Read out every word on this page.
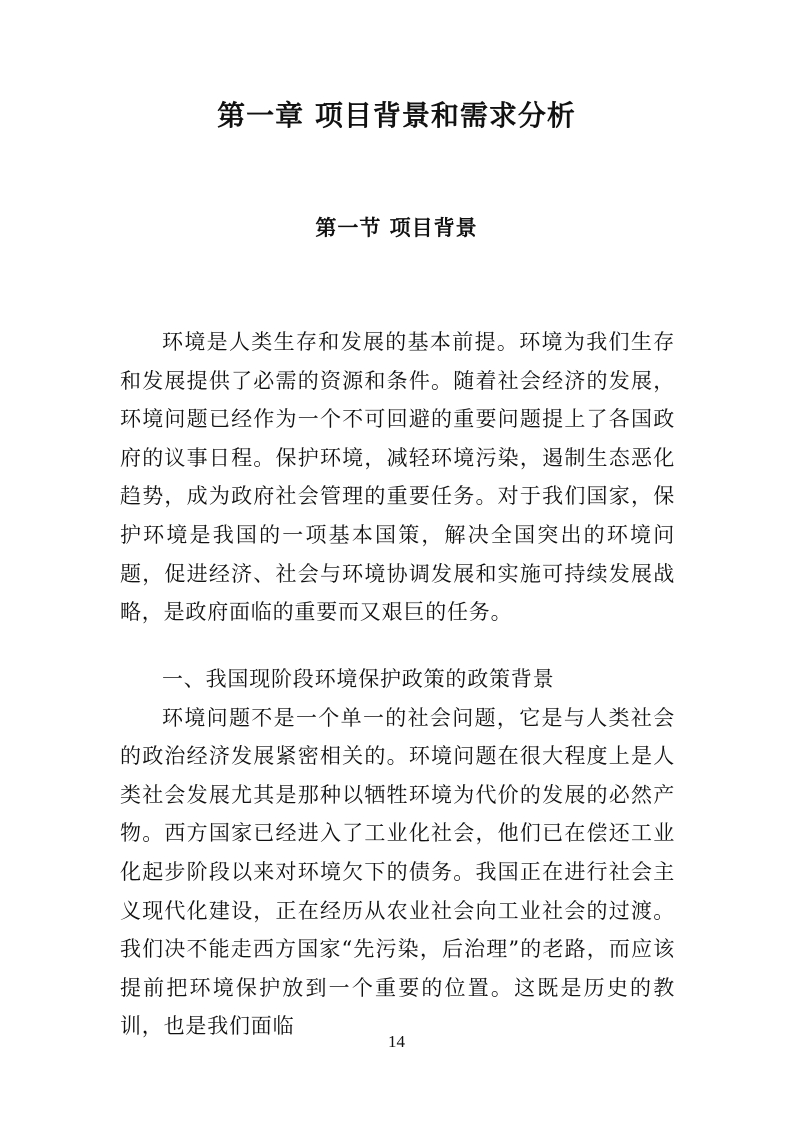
第一章 项目背景和需求分析
第一节 项目背景

环境是人类生存和发展的基本前提。环境为我们生存和发展提供了必需的资源和条件。随着社会经济的发展，环境问题已经作为一个不可回避的重要问题提上了各国政府的议事日程。保护环境，减轻环境污染，遏制生态恶化趋势，成为政府社会管理的重要任务。对于我们国家，保护环境是我国的一项基本国策，解决全国突出的环境问题，促进经济、社会与环境协调发展和实施可持续发展战略，是政府面临的重要而又艰巨的任务。

一、我国现阶段环境保护政策的政策背景

环境问题不是一个单一的社会问题，它是与人类社会的政治经济发展紧密相关的。环境问题在很大程度上是人类社会发展尤其是那种以牺牲环境为代价的发展的必然产物。西方国家已经进入了工业化社会，他们已在偿还工业化起步阶段以来对环境欠下的债务。我国正在进行社会主义现代化建设，正在经历从农业社会向工业社会的过渡。我们决不能走西方国家“先污染，后治理”的老路，而应该提前把环境保护放到一个重要的位置。这既是历史的教训，也是我们面临

14
